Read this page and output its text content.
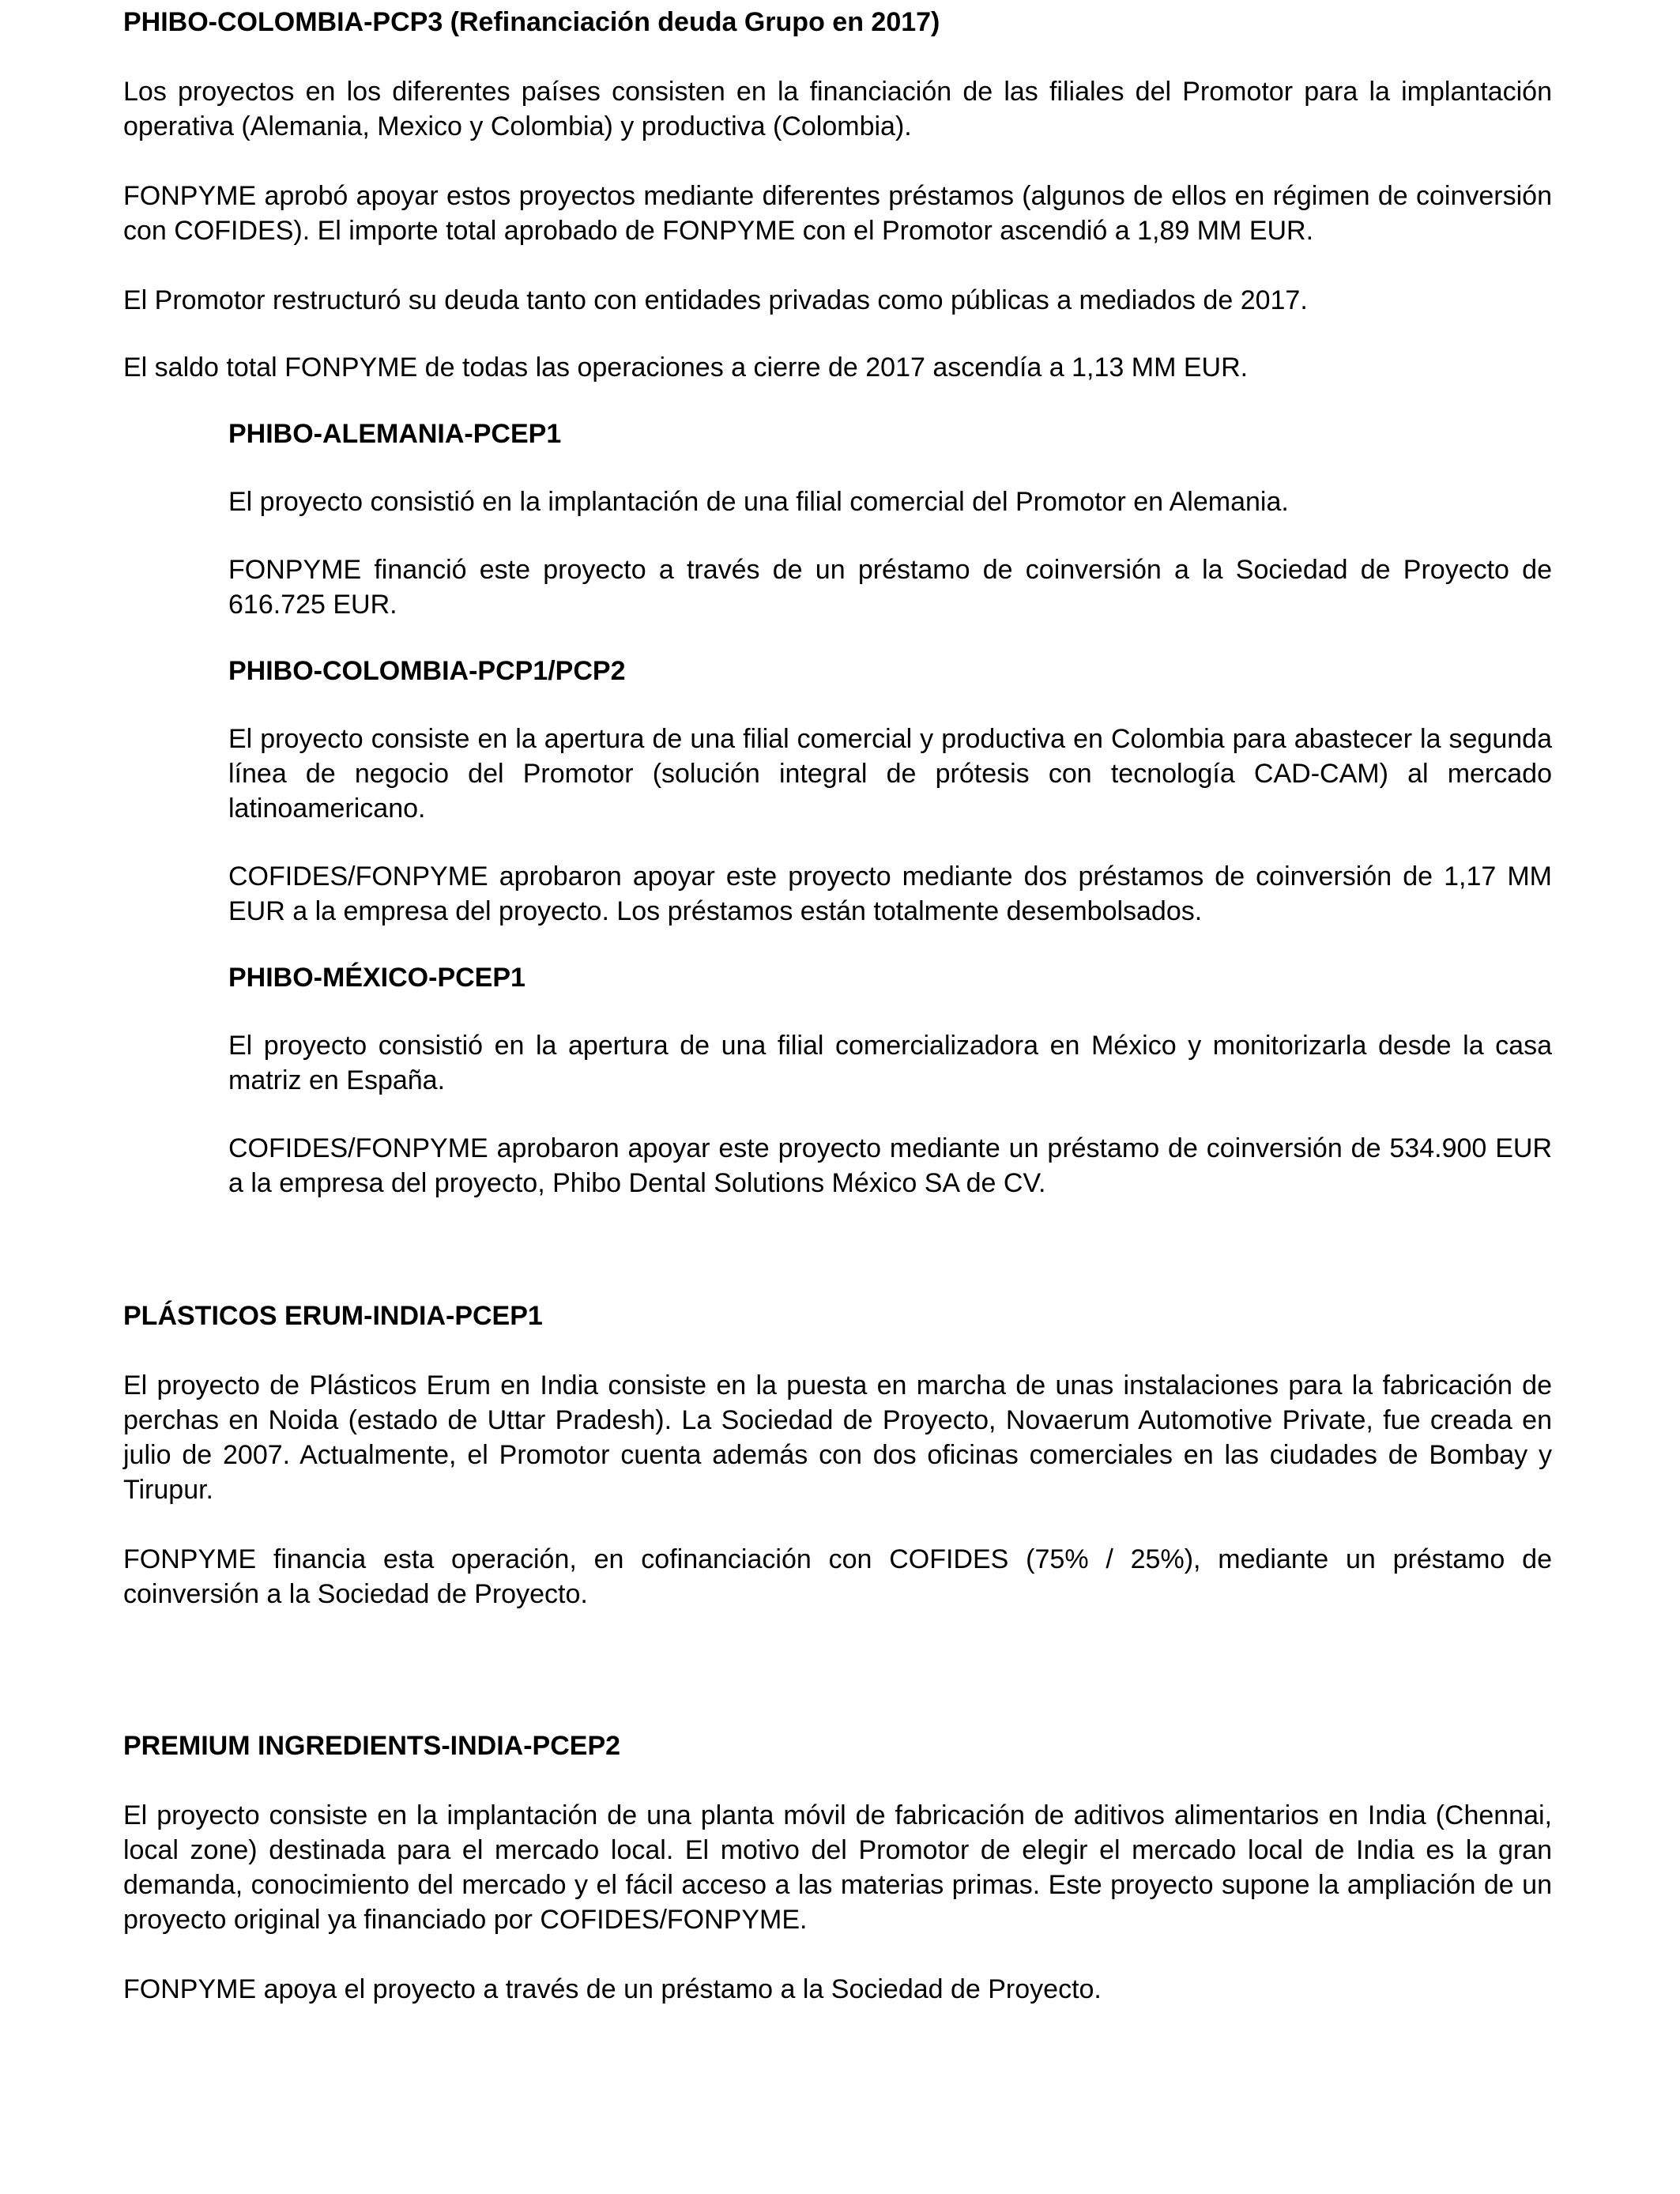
PHIBO-COLOMBIA-PCP3 (Refinanciación deuda Grupo en 2017)

Los proyectos en los diferentes países consisten en la financiación de las filiales del Promotor para la implantación operativa (Alemania, Mexico y Colombia) y productiva (Colombia).

FONPYME aprobó apoyar estos proyectos mediante diferentes préstamos (algunos de ellos en régimen de coinversión con COFIDES). El importe total aprobado de FONPYME con el Promotor ascendió a 1,89 MM EUR.

El Promotor restructuró su deuda tanto con entidades privadas como públicas a mediados de 2017.

El saldo total FONPYME de todas las operaciones a cierre de 2017 ascendía a 1,13 MM EUR.

PHIBO-ALEMANIA-PCEP1

El proyecto consistió en la implantación de una filial comercial del Promotor en Alemania.

FONPYME financió este proyecto a través de un préstamo de coinversión a la Sociedad de Proyecto de 616.725 EUR.

PHIBO-COLOMBIA-PCP1/PCP2

El proyecto consiste en la apertura de una filial comercial y productiva en Colombia para abastecer la segunda línea de negocio del Promotor (solución integral de prótesis con tecnología CAD-CAM) al mercado latinoamericano.

COFIDES/FONPYME aprobaron apoyar este proyecto mediante dos préstamos de coinversión de 1,17 MM EUR a la empresa del proyecto. Los préstamos están totalmente desembolsados.

PHIBO-MÉXICO-PCEP1

El proyecto consistió en la apertura de una filial comercializadora en México y monitorizarla desde la casa matriz en España.

COFIDES/FONPYME aprobaron apoyar este proyecto mediante un préstamo de coinversión de 534.900 EUR a la empresa del proyecto, Phibo Dental Solutions México SA de CV.

PLÁSTICOS ERUM-INDIA-PCEP1

El proyecto de Plásticos Erum en India consiste en la puesta en marcha de unas instalaciones para la fabricación de perchas en Noida (estado de Uttar Pradesh). La Sociedad de Proyecto, Novaerum Automotive Private, fue creada en julio de 2007. Actualmente, el Promotor cuenta además con dos oficinas comerciales en las ciudades de Bombay y Tirupur.

FONPYME financia esta operación, en cofinanciación con COFIDES (75% / 25%), mediante un préstamo de coinversión a la Sociedad de Proyecto.

PREMIUM INGREDIENTS-INDIA-PCEP2

El proyecto consiste en la implantación de una planta móvil de fabricación de aditivos alimentarios en India (Chennai, local zone) destinada para el mercado local. El motivo del Promotor de elegir el mercado local de India es la gran demanda, conocimiento del mercado y el fácil acceso a las materias primas. Este proyecto supone la ampliación de un proyecto original ya financiado por COFIDES/FONPYME.

FONPYME apoya el proyecto a través de un préstamo a la Sociedad de Proyecto.
